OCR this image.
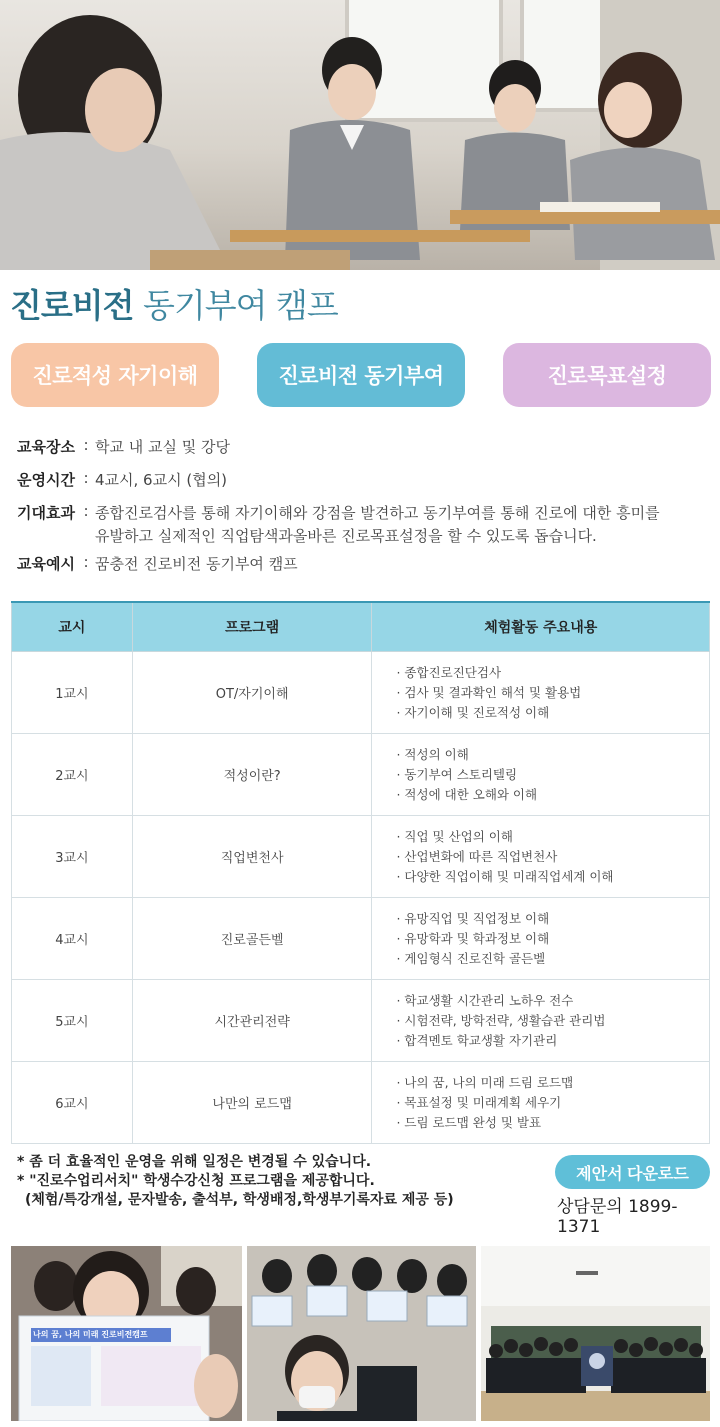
진로비전 동기부여 캠프
진로적성 자기이해	진로비전 동기부여	진로목표설정
교육장소 : 학교 내 교실 및 강당
운영시간 : 4교시, 6교시 (협의)
기대효과 : 종합진로검사를 통해 자기이해와 강점을 발견하고 동기부여를 통해 진로에 대한 흥미를
유발하고 실제적인 직업탐색과올바른 진로목표설정을 할 수 있도록 돕습니다.
교육예시 : 꿈충전 진로비전 동기부여 캠프
교시	프로그램	체험활동 주요내용
1교시	OT/자기이해	· 종합진로진단검사
· 검사 및 결과확인 해석 및 활용법
· 자기이해 및 진로적성 이해

2교시	적성이란?	· 적성의 이해
· 동기부여 스토리텔링
· 적성에 대한 오해와 이해

3교시	직업변천사	· 직업 및 산업의 이해
· 산업변화에 따른 직업변천사
· 다양한 직업이해 및 미래직업세계 이해

4교시	진로골든벨	· 유망직업 및 직업정보 이해
· 유망학과 및 학과정보 이해
· 게임형식 진로진학 골든벨

5교시	시간관리전략	· 학교생활 시간관리 노하우 전수
· 시험전략, 방학전략, 생활습관 관리법
· 합격멘토 학교생활 자기관리

6교시	나만의 로드맵	· 나의 꿈, 나의 미래 드림 로드맵
· 목표설정 및 미래계획 세우기
· 드림 로드맵 완성 및 발표
* 좀 더 효율적인 운영을 위해 일정은 변경될 수 있습니다.
* "진로수업리서치" 학생수강신청 프로그램을 제공합니다.
(체험/특강개설, 문자발송, 출석부, 학생배정,학생부기록자료 제공 등)
제안서 다운로드
상담문의 1899-1371
나의 꿈, 나의 미래 진로비전캠프
